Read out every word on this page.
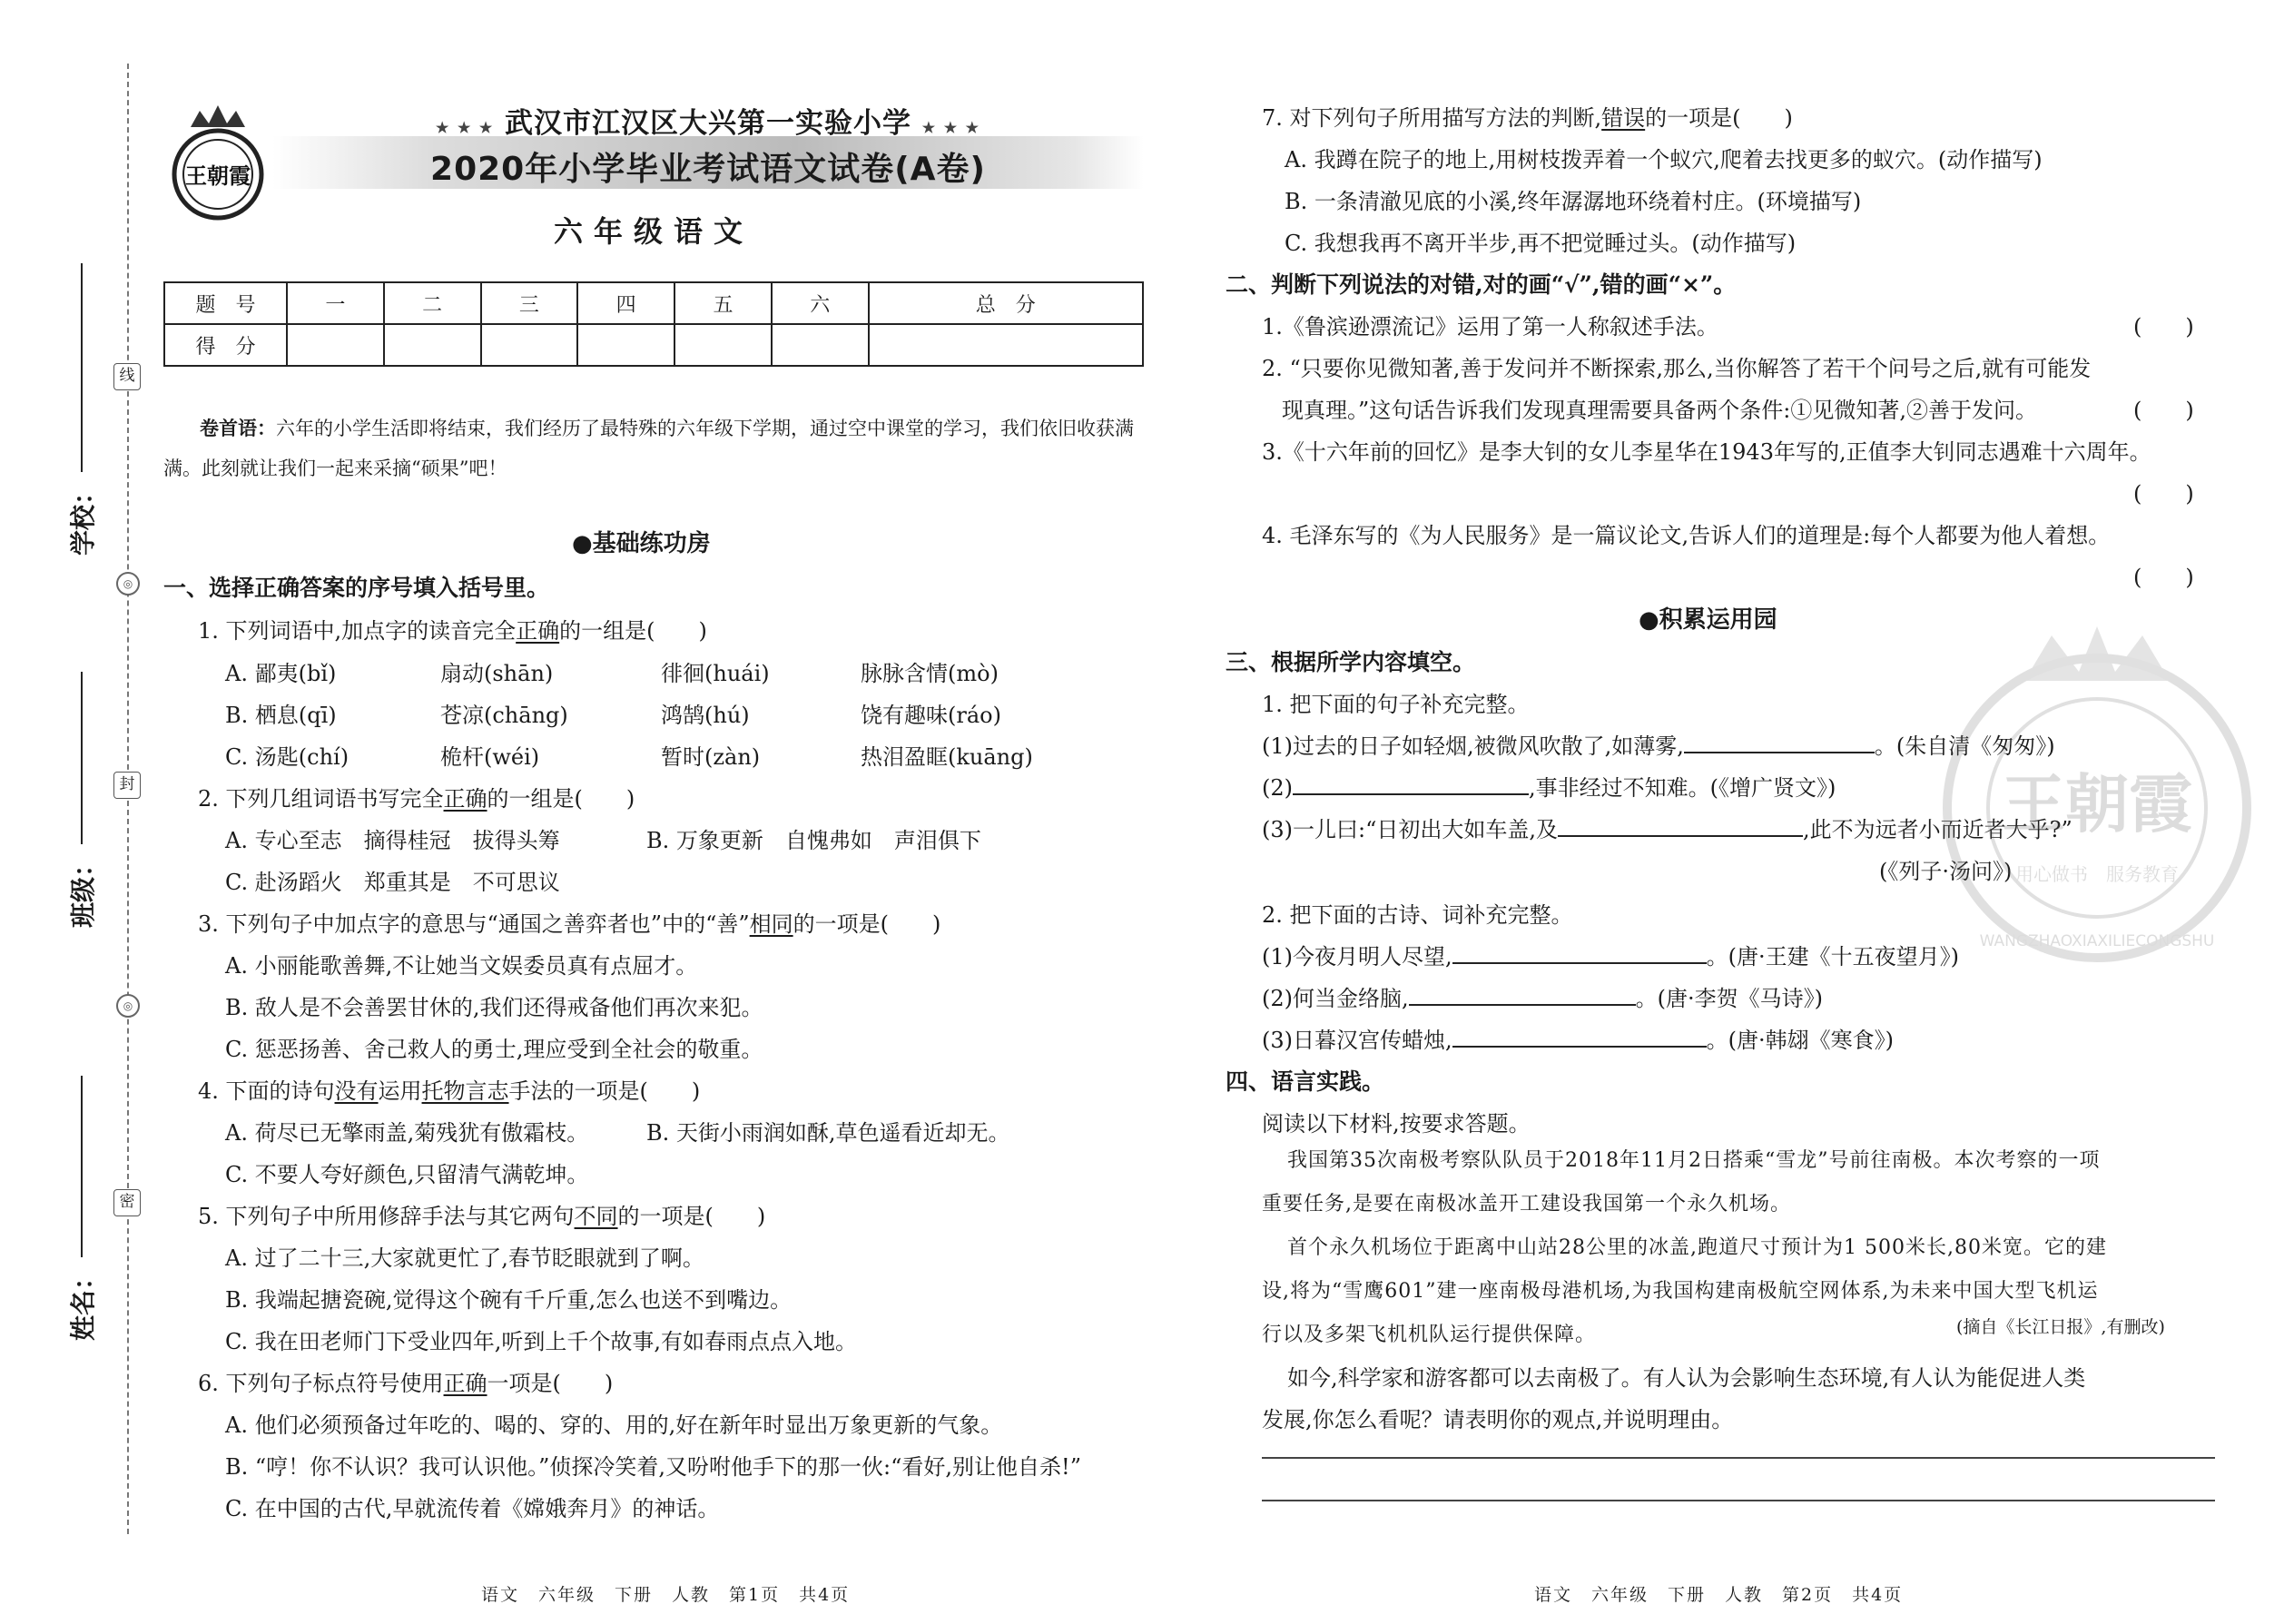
线
◎
封
◎
密
学校：
班级：
姓名：
王朝霞
★ ★ ★ 武汉市江汉区大兴第一实验小学 ★ ★ ★
2020年小学毕业考试语文试卷(A卷)
六年级语文
题　号	一	二	三	四	五	六	总　分
得　分							
卷首语：六年的小学生活即将结束，我们经历了最特殊的六年级下学期，通过空中课堂的学习，我们依旧收获满满。此刻就让我们一起来采摘“硕果”吧！
●基础练功房
一、选择正确答案的序号填入括号里。
1. 下列词语中,加点字的读音完全正确的一组是(　　)
A. 鄙夷(bǐ)	扇动(shān)	徘徊(huái)	脉脉含情(mò)
B. 栖息(qī)	苍凉(chāng)	鸿鹄(hú)	饶有趣味(ráo)
C. 汤匙(chí)	桅杆(wéi)	暂时(zàn)	热泪盈眶(kuāng)
2. 下列几组词语书写完全正确的一组是(　　)
A. 专心至志　摘得桂冠　拔得头筹	B. 万象更新　自愧弗如　声泪俱下
C. 赴汤蹈火　郑重其是　不可思议
3. 下列句子中加点字的意思与“通国之善弈者也”中的“善”相同的一项是(　　)
A. 小丽能歌善舞,不让她当文娱委员真有点屈才。
B. 敌人是不会善罢甘休的,我们还得戒备他们再次来犯。
C. 惩恶扬善、舍己救人的勇士,理应受到全社会的敬重。
4. 下面的诗句没有运用托物言志手法的一项是(　　)
A. 荷尽已无擎雨盖,菊残犹有傲霜枝。	B. 天街小雨润如酥,草色遥看近却无。
C. 不要人夸好颜色,只留清气满乾坤。
5. 下列句子中所用修辞手法与其它两句不同的一项是(　　)
A. 过了二十三,大家就更忙了,春节眨眼就到了啊。
B. 我端起搪瓷碗,觉得这个碗有千斤重,怎么也送不到嘴边。
C. 我在田老师门下受业四年,听到上千个故事,有如春雨点点入地。
6. 下列句子标点符号使用正确一项是(　　)
A. 他们必须预备过年吃的、喝的、穿的、用的,好在新年时显出万象更新的气象。
B. “哼！你不认识？我可认识他。”侦探冷笑着,又吩咐他手下的那一伙:“看好,别让他自杀!”
C. 在中国的古代,早就流传着《嫦娥奔月》的神话。
语文　六年级　下册　人教　第1页　共4页
7. 对下列句子所用描写方法的判断,错误的一项是(　　)
A. 我蹲在院子的地上,用树枝拨弄着一个蚁穴,爬着去找更多的蚁穴。(动作描写)
B. 一条清澈见底的小溪,终年潺潺地环绕着村庄。(环境描写)
C. 我想我再不离开半步,再不把觉睡过头。(动作描写)
二、判断下列说法的对错,对的画“√”,错的画“×”。
1.《鲁滨逊漂流记》运用了第一人称叙述手法。	(　　)
2. “只要你见微知著,善于发问并不断探索,那么,当你解答了若干个问号之后,就有可能发
现真理。”这句话告诉我们发现真理需要具备两个条件:①见微知著,②善于发问。	(　　)
3.《十六年前的回忆》是李大钊的女儿李星华在1943年写的,正值李大钊同志遇难十六周年。
(　　)
4. 毛泽东写的《为人民服务》是一篇议论文,告诉人们的道理是:每个人都要为他人着想。
(　　)
●积累运用园
三、根据所学内容填空。
1. 把下面的句子补充完整。
(1)过去的日子如轻烟,被微风吹散了,如薄雾,	。(朱自清《匆匆》)
(2)	,事非经过不知难。(《增广贤文》)
(3)一儿曰:“日初出大如车盖,及	,此不为远者小而近者大乎?”
(《列子·汤问》)
2. 把下面的古诗、词补充完整。
(1)今夜月明人尽望,	。(唐·王建《十五夜望月》)
(2)何当金络脑,	。(唐·李贺《马诗》)
(3)日暮汉宫传蜡烛,	。(唐·韩翃《寒食》)
四、语言实践。
阅读以下材料,按要求答题。
我国第35次南极考察队队员于2018年11月2日搭乘“雪龙”号前往南极。本次考察的一项
重要任务,是要在南极冰盖开工建设我国第一个永久机场。
首个永久机场位于距离中山站28公里的冰盖,跑道尺寸预计为1 500米长,80米宽。它的建
设,将为“雪鹰601”建一座南极母港机场,为我国构建南极航空网体系,为未来中国大型飞机运
行以及多架飞机机队运行提供保障。	(摘自《长江日报》,有删改)
如今,科学家和游客都可以去南极了。有人认为会影响生态环境,有人认为能促进人类
发展,你怎么看呢？请表明你的观点,并说明理由。
语文　六年级　下册　人教　第2页　共4页
王朝霞
用心做书　服务教育
WANGZHAOXIAXILIECONGSHU
